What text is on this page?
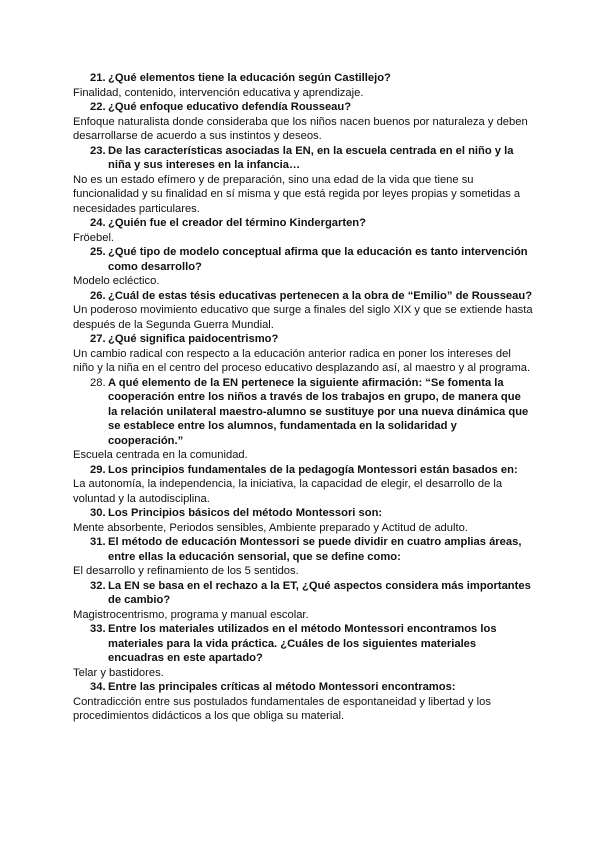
21. ¿Qué elementos tiene la educación según Castillejo?

Finalidad, contenido, intervención educativa y aprendizaje.

22. ¿Qué enfoque educativo defendía Rousseau?

Enfoque naturalista donde consideraba que los niños nacen buenos por naturaleza y deben desarrollarse de acuerdo a sus instintos y deseos.

23. De las características asociadas la EN, en la escuela centrada en el niño y la niña y sus intereses en la infancia…

No es un estado efímero y de preparación, sino una edad de la vida que tiene su funcionalidad y su finalidad en sí misma y que está regida por leyes propias y sometidas a necesidades particulares.

24. ¿Quién fue el creador del término Kindergarten?

Fröebel.

25. ¿Qué tipo de modelo conceptual afirma que la educación es tanto intervención como desarrollo?

Modelo ecléctico.

26. ¿Cuál de estas tésis educativas pertenecen a la obra de “Emilio” de Rousseau?

Un poderoso movimiento educativo que surge a finales del siglo XIX y que se extiende hasta después de la Segunda Guerra Mundial.

27. ¿Qué significa paidocentrismo?

Un cambio radical con respecto a la educación anterior radica en poner los intereses del niño y la niña en el centro del proceso educativo desplazando así, al maestro y al programa.

28. A qué elemento de la EN pertenece la siguiente afirmación: “Se fomenta la cooperación entre los niños a través de los trabajos en grupo, de manera que la relación unilateral maestro-alumno se sustituye por una nueva dinámica que se establece entre los alumnos, fundamentada en la solidaridad y cooperación.”

Escuela centrada en la comunidad.

29. Los principios fundamentales de la pedagogía Montessori están basados en:

La autonomía, la independencia, la iniciativa, la capacidad de elegir, el desarrollo de la voluntad y la autodisciplina.

30. Los Principios básicos del método Montessori son:

Mente absorbente, Periodos sensibles, Ambiente preparado y Actitud de adulto.

31. El método de educación Montessori se puede dividir en cuatro amplias áreas, entre ellas la educación sensorial, que se define como:

El desarrollo y refinamiento de los 5 sentidos.

32. La EN se basa en el rechazo a la ET, ¿Qué aspectos considera más importantes de cambio?

Magistrocentrismo, programa y manual escolar.

33. Entre los materiales utilizados en el método Montessori encontramos los materiales para la vida práctica. ¿Cuáles de los siguientes materiales encuadras en este apartado?

Telar y bastidores.

34. Entre las principales críticas al método Montessori encontramos:

Contradicción entre sus postulados fundamentales de espontaneidad y libertad y los procedimientos didácticos a los que obliga su material.
